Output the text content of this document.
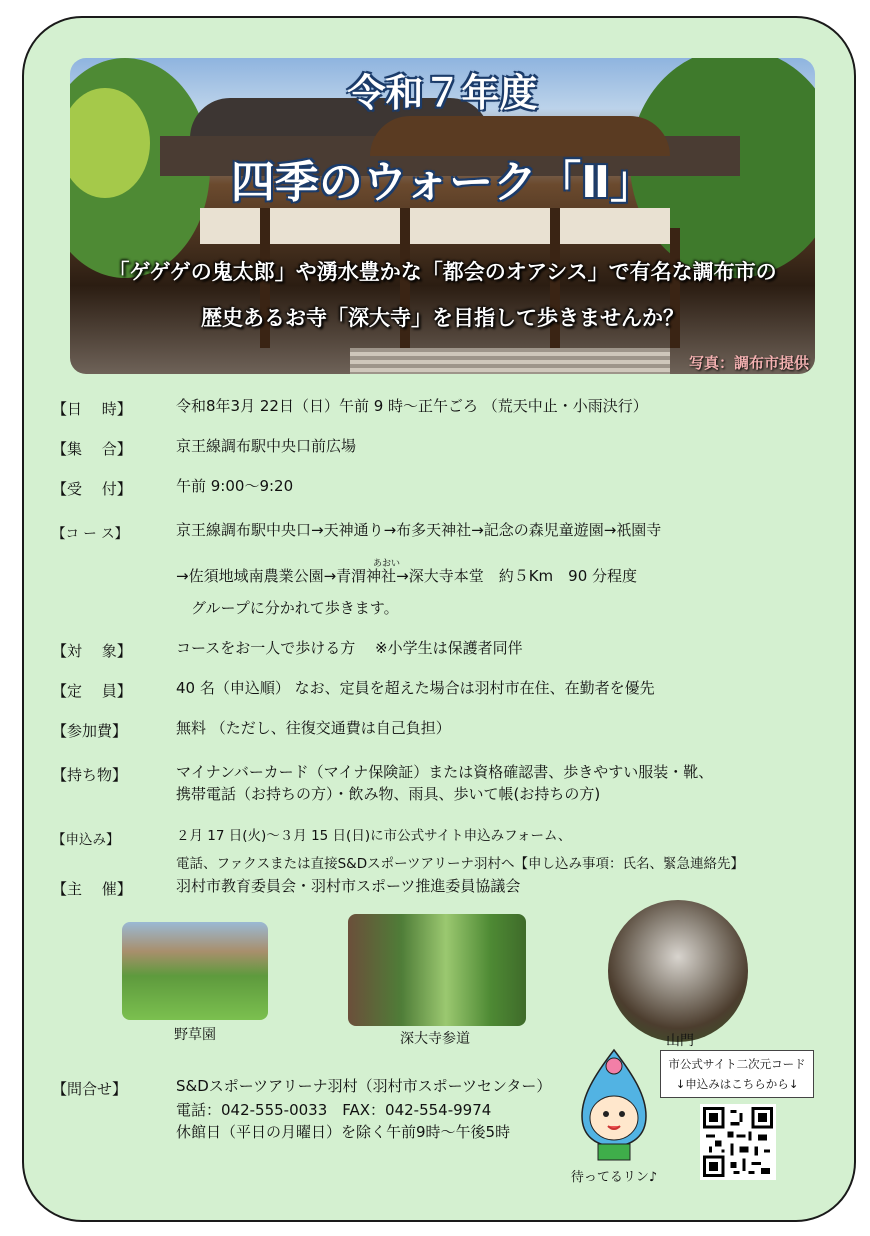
令和７年度
四季のウォーク「Ⅱ」
「ゲゲゲの鬼太郎」や湧水豊かな「都会のオアシス」で有名な調布市の
歴史あるお寺「深大寺」を目指して歩きませんか？
写真：調布市提供
【日　 時】	令和8年3月 22日（日）午前 9 時～正午ごろ （荒天中止・小雨決行）
【集　 合】	京王線調布駅中央口前広場
【受　 付】	午前 9:00～9:20
【コ ー ス】	京王線調布駅中央口→天神通り→布多天神社→記念の森児童遊園→祇園寺
あおい
→佐須地域南農業公園→青渭神社→深大寺本堂　約５Km　90 分程度
　グループに分かれて歩きます。
【対　 象】	コースをお一人で歩ける方　 ※小学生は保護者同伴
【定　 員】	40 名（申込順） なお、定員を超えた場合は羽村市在住、在勤者を優先
【参加費】	無料 （ただし、往復交通費は自己負担）
【持ち物】	マイナンバーカード（マイナ保険証）または資格確認書、歩きやすい服装・靴、
携帯電話（お持ちの方）・飲み物、雨具、歩いて帳(お持ちの方)
【申込み】	２月 17 日(火)～３月 15 日(日)に市公式サイト申込みフォーム、
電話、ファクスまたは直接S&Dスポーツアリーナ羽村へ【申し込み事項：氏名、緊急連絡先】
【主　 催】	羽村市教育委員会・羽村市スポーツ推進委員協議会
野草園	深大寺参道	山門
【問合せ】	S&Dスポーツアリーナ羽村（羽村市スポーツセンター）
電話：042-555-0033　FAX：042-554-9974
休館日（平日の月曜日）を除く午前9時～午後5時
待ってるリン♪
市公式サイト二次元コード
↓申込みはこちらから↓
